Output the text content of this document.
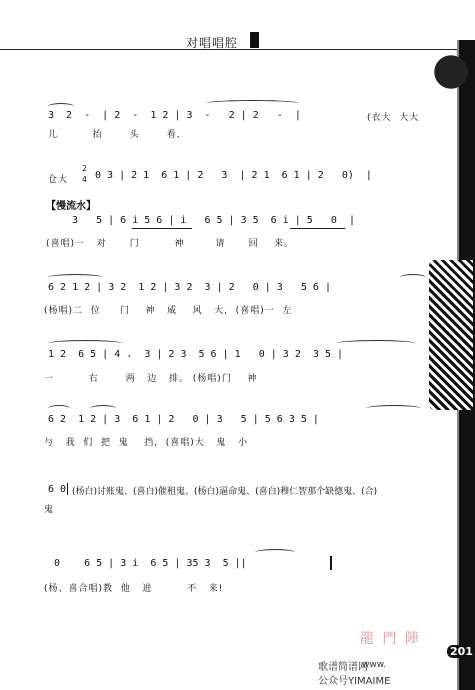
对唱唱腔
3  2  -  | 2  -  1 2 | 3  -   2 | 2   -  |	(衣大  大大
儿         抬       头       看,
仓大
2
4 0 3 | 2 1  6 1 | 2   3  | 2 1  6 1 | 2   0)  |
【慢流水】
3   5 | 6 i 5 6 | i   6 5 | 3 5  6 i | 5   0  |
(喜唱)一   对      门         神        请      回    来。
6 2 1 2 | 3 2  1 2 | 3 2  3 | 2   0 | 3   5 6 |
(杨唱)二  位     门    神   威    风   大,  (喜唱)一  左
1 2  6 5 | 4 .  3 | 2 3  5 6 | 1   0 | 3 2  3 5 |
一         右       两   边   排。 (杨唱)门    神
6 2  1 2 | 3  6 1 | 2   0 | 3   5 | 5 6 3 5 |
与   我  们  把  鬼    挡,  (喜唱)大   鬼   小
6 0 (杨白)讨账鬼、(喜白)催租鬼、(杨白)逼命鬼、(喜白)穆仁智那个缺德鬼、(合)
鬼
0    6 5 | 3 i  6 5 | 35 3  5 ||
(杨、喜合唱)教  他   进         不   来!
龍 門 陣
201
www.
公众号YIMAIME
歌谱简谱网
